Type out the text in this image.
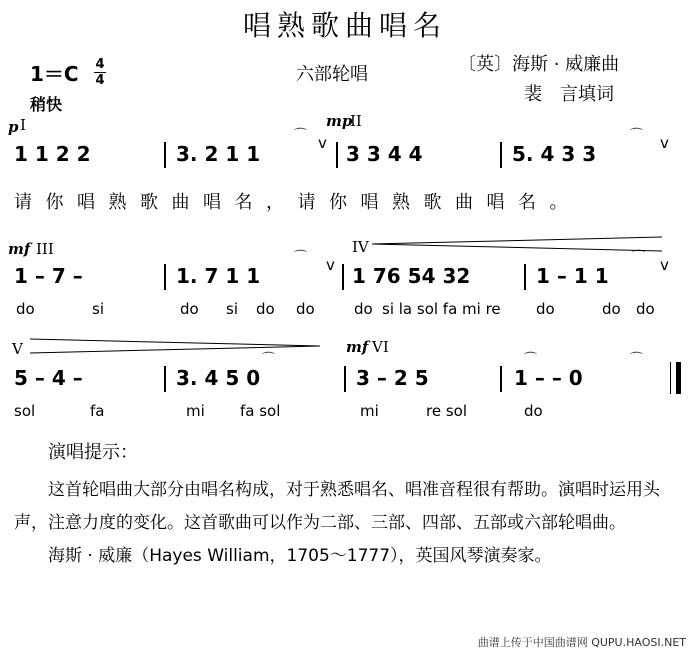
唱熟歌曲唱名
1＝C 4
4
稍快
六部轮唱	〔英〕海斯 · 威廉曲
裴　言填词
p I	mp
II
1 1 2 2	3. 2 1 1
⌒ v 3 3 4 4	5. 4 3 3
⌒ v
请你唱熟歌曲唱名，请你唱熟歌曲唱名。
mf III	IV
1 – 7 –	1. 7 1 1
⌒ v 1 76 54 32	1 – 1 1
⌒ v
do	si	do si do do	do si la sol fa mi re do	do do
V	mf VI
5 – 4 –	3. 4 5 0
⌒
3 – 2 5	1 – – 0
⌒	⌒
sol	fa	mi fa sol	mi	re sol	do
演唱提示：

这首轮唱曲大部分由唱名构成，对于熟悉唱名、唱准音程很有帮助。演唱时运用头声，注意力度的变化。这首歌曲可以作为二部、三部、四部、五部或六部轮唱曲。

海斯 · 威廉（Hayes William，1705～1777），英国风琴演奏家。

曲谱上传于中国曲谱网 QUPU.HAOSI.NET
